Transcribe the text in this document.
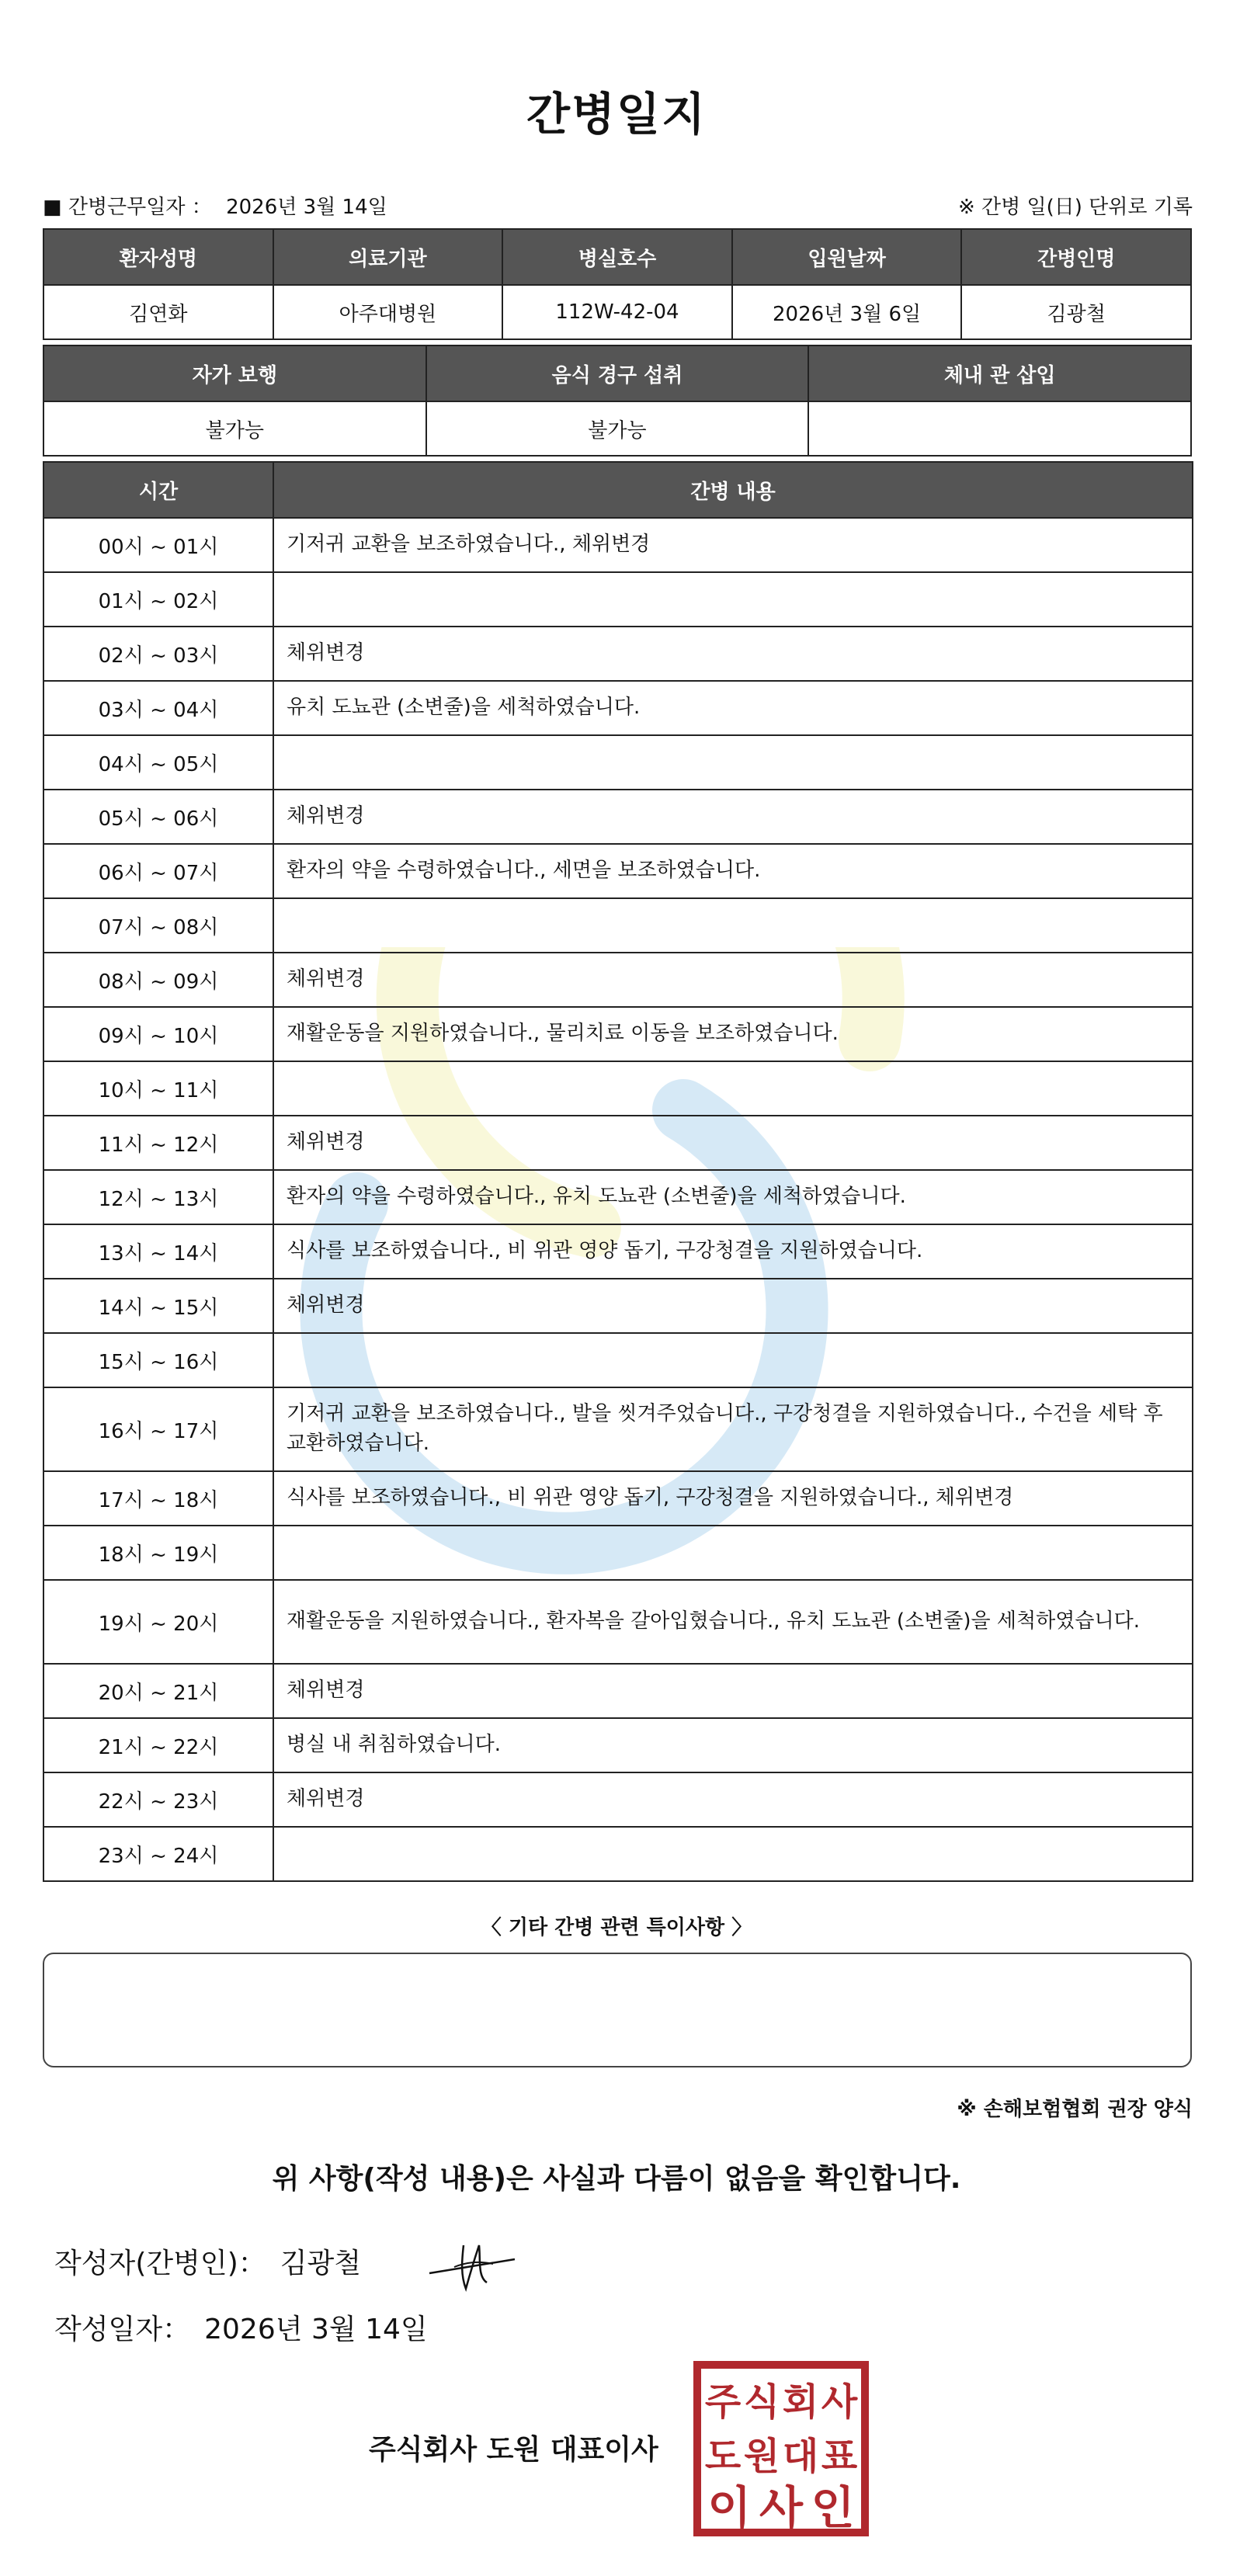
간병일지
■ 간병근무일자 ： 2026년 3월 14일	※ 간병 일(日) 단위로 기록
환자성명	의료기관	병실호수	입원날짜	간병인명
김연화	아주대병원	112W-42-04	2026년 3월 6일	김광철
자가 보행	음식 경구 섭취	체내 관 삽입
불가능	불가능	
시간	간병 내용
00시 ~ 01시	기저귀 교환을 보조하였습니다., 체위변경
01시 ~ 02시	
02시 ~ 03시	체위변경
03시 ~ 04시	유치 도뇨관 (소변줄)을 세척하였습니다.
04시 ~ 05시	
05시 ~ 06시	체위변경
06시 ~ 07시	환자의 약을 수령하였습니다., 세면을 보조하였습니다.
07시 ~ 08시	
08시 ~ 09시	체위변경
09시 ~ 10시	재활운동을 지원하였습니다., 물리치료 이동을 보조하였습니다.
10시 ~ 11시	
11시 ~ 12시	체위변경
12시 ~ 13시	환자의 약을 수령하였습니다., 유치 도뇨관 (소변줄)을 세척하였습니다.
13시 ~ 14시	식사를 보조하였습니다., 비 위관 영양 돕기, 구강청결을 지원하였습니다.
14시 ~ 15시	체위변경
15시 ~ 16시	
16시 ~ 17시	기저귀 교환을 보조하였습니다., 발을 씻겨주었습니다., 구강청결을 지원하였습니다., 수건을 세탁 후 교환하였습니다.
17시 ~ 18시	식사를 보조하였습니다., 비 위관 영양 돕기, 구강청결을 지원하였습니다., 체위변경
18시 ~ 19시	
19시 ~ 20시	재활운동을 지원하였습니다., 환자복을 갈아입혔습니다., 유치 도뇨관 (소변줄)을 세척하였습니다.
20시 ~ 21시	체위변경
21시 ~ 22시	병실 내 취침하였습니다.
22시 ~ 23시	체위변경
23시 ~ 24시	
〈 기타 간병 관련 특이사항 〉
※ 손해보험협회 권장 양식
위 사항(작성 내용)은 사실과 다름이 없음을 확인합니다.
작성자(간병인)： 김광철
작성일자： 2026년 3월 14일
주식회사 도원 대표이사
주 식 회 사
도 원 대 표
이 사 인
